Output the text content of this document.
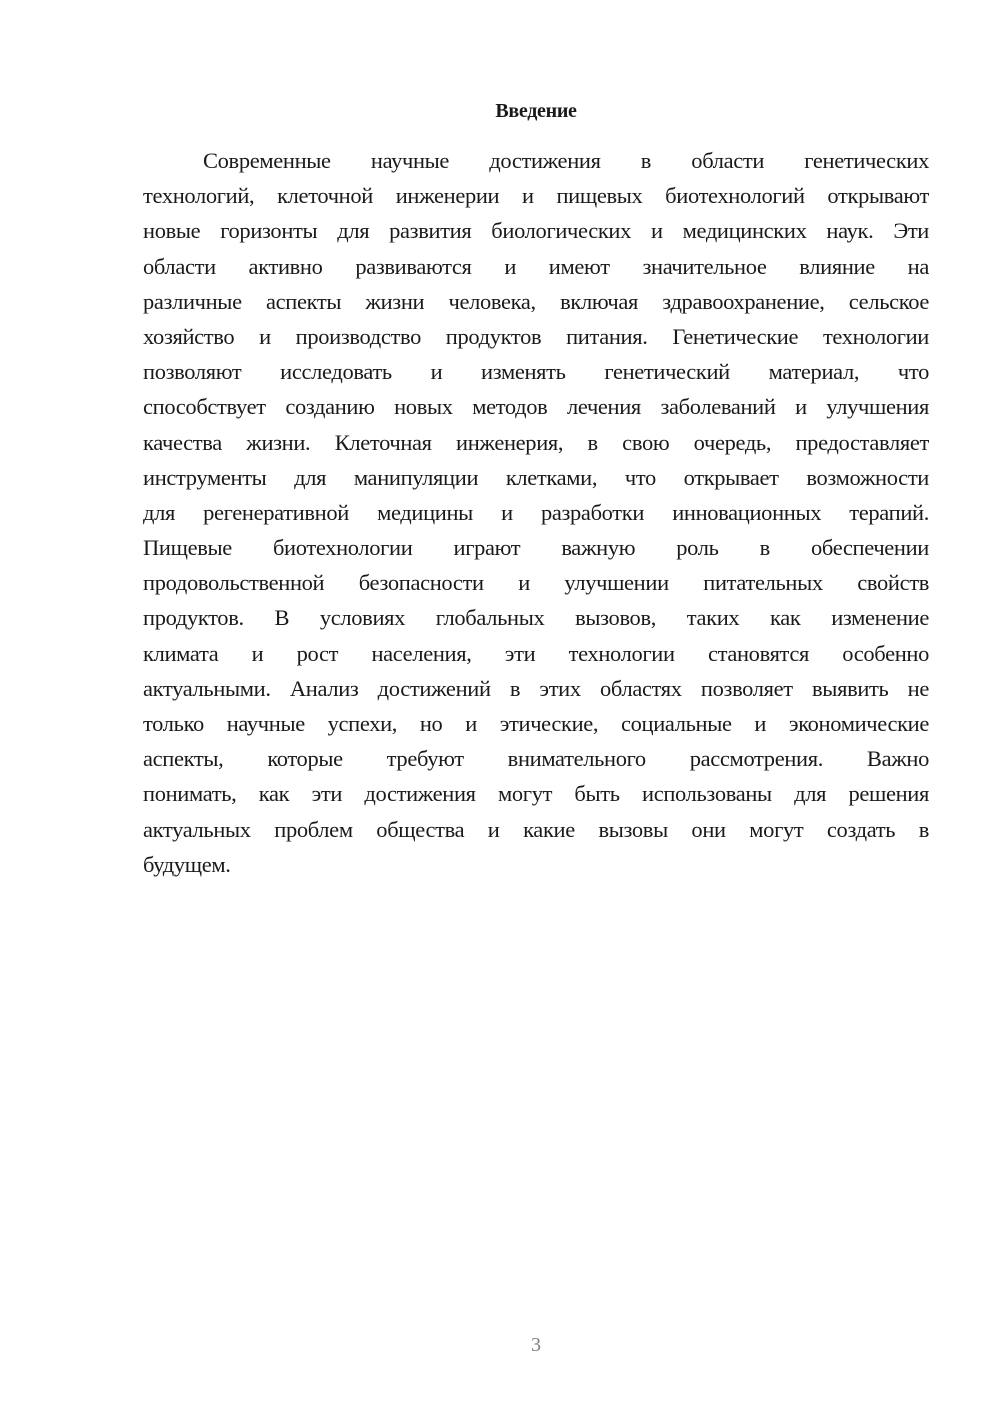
Введение
Современные научные достижения в области генетических
технологий, клеточной инженерии и пищевых биотехнологий открывают
новые горизонты для развития биологических и медицинских наук. Эти
области активно развиваются и имеют значительное влияние на
различные аспекты жизни человека, включая здравоохранение, сельское
хозяйство и производство продуктов питания. Генетические технологии
позволяют исследовать и изменять генетический материал, что
способствует созданию новых методов лечения заболеваний и улучшения
качества жизни. Клеточная инженерия, в свою очередь, предоставляет
инструменты для манипуляции клетками, что открывает возможности
для регенеративной медицины и разработки инновационных терапий.
Пищевые биотехнологии играют важную роль в обеспечении
продовольственной безопасности и улучшении питательных свойств
продуктов. В условиях глобальных вызовов, таких как изменение
климата и рост населения, эти технологии становятся особенно
актуальными. Анализ достижений в этих областях позволяет выявить не
только научные успехи, но и этические, социальные и экономические
аспекты, которые требуют внимательного рассмотрения. Важно
понимать, как эти достижения могут быть использованы для решения
актуальных проблем общества и какие вызовы они могут создать в
будущем.
3
